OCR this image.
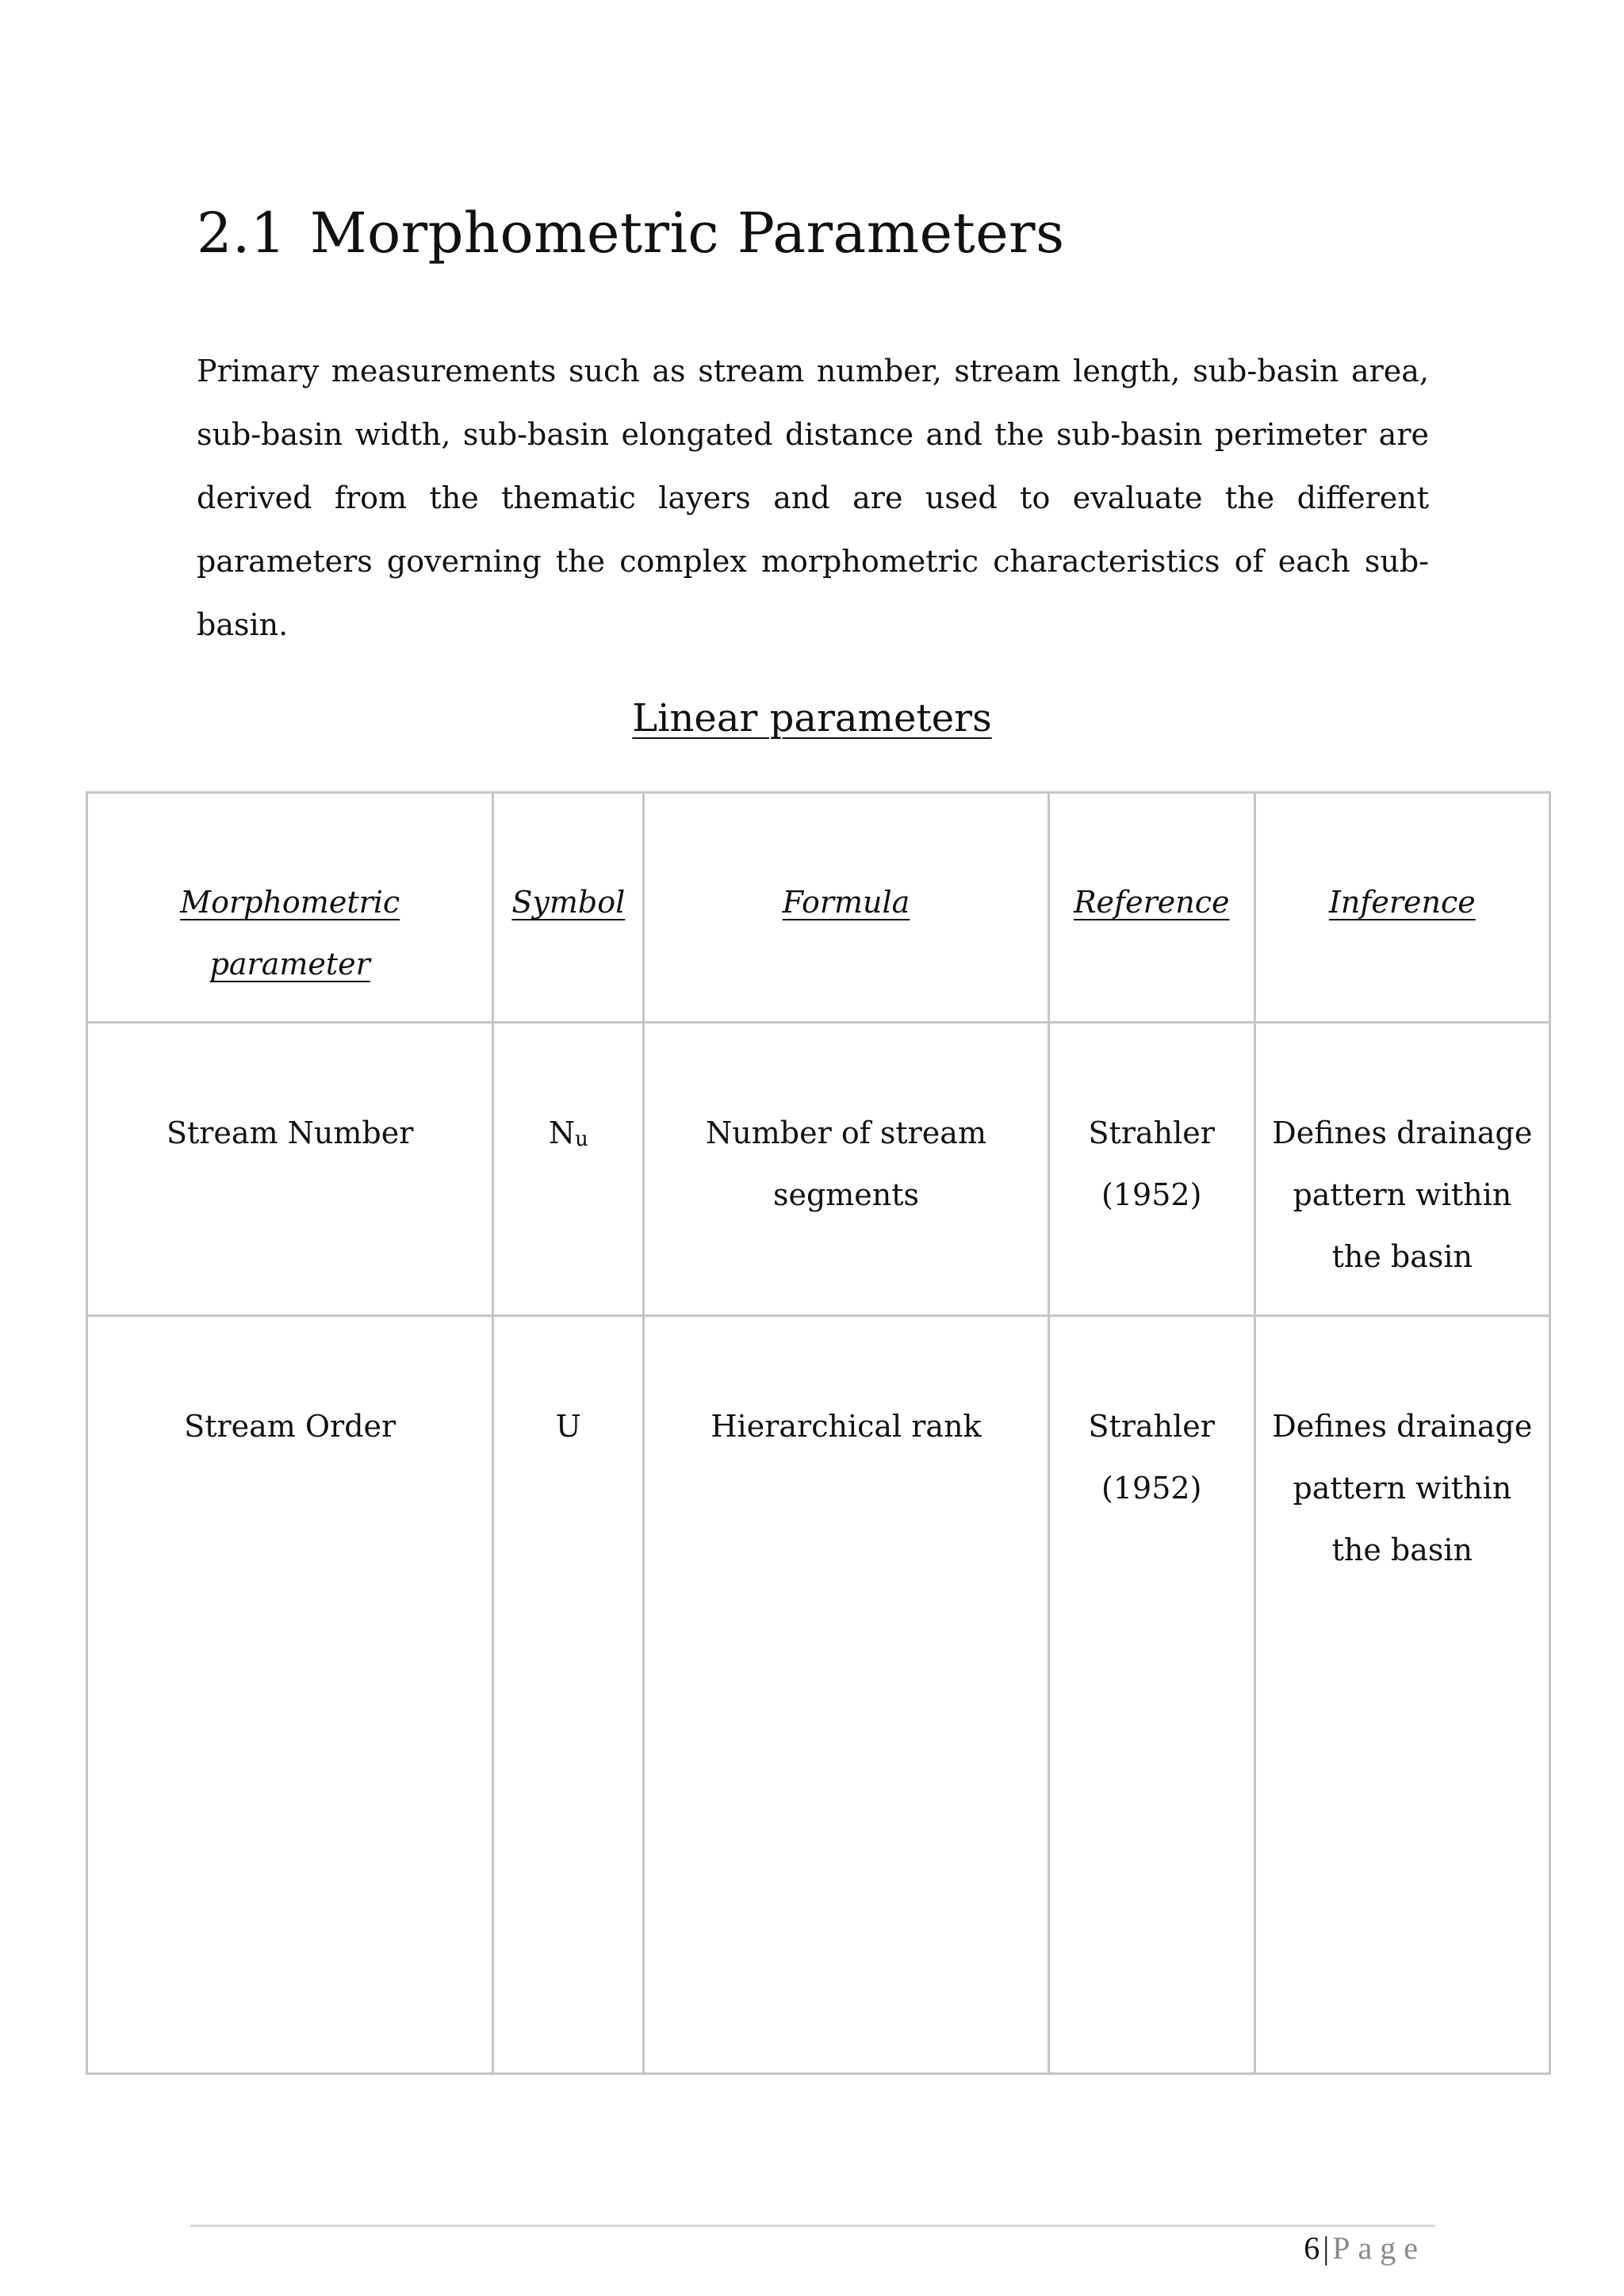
2.1 Morphometric Parameters

Primary measurements such as stream number, stream length, sub-basin area, sub-basin width, sub-basin elongated distance and the sub-basin perimeter are derived from the thematic layers and are used to evaluate the different parameters governing the complex morphometric characteristics of each sub-basin.

Linear parameters
Morphometric parameter	Symbol	Formula	Reference	Inference
Stream Number	Nu	Number of stream segments	Strahler (1952)	Defines drainage pattern within the basin
Stream Order	U	Hierarchical rank	Strahler (1952)	Defines drainage pattern within the basin
6 | Page
